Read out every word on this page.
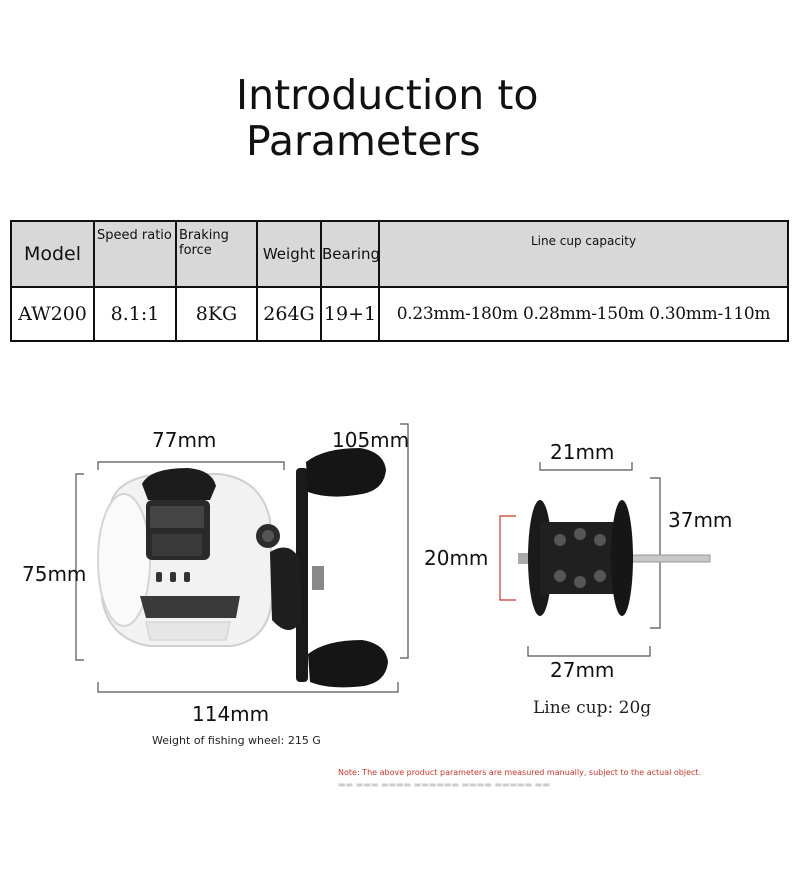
Introduction to
Parameters
Model	Speed ratio	Braking force	Weight	Bearing	Line cup capacity
AW200	8.1:1	8KG	264G	19+1	0.23mm-180m 0.28mm-150m 0.30mm-110m
77mm
75mm
105mm
114mm
Weight of fishing wheel: 215 G
21mm
37mm
20mm
27mm
Line cup: 20g
Note: The above product parameters are measured manually, subject to the actual object.
▬▬ ▬▬▬ ▬▬▬▬ ▬▬▬▬▬▬ ▬▬▬▬ ▬▬▬▬▬ ▬▬
